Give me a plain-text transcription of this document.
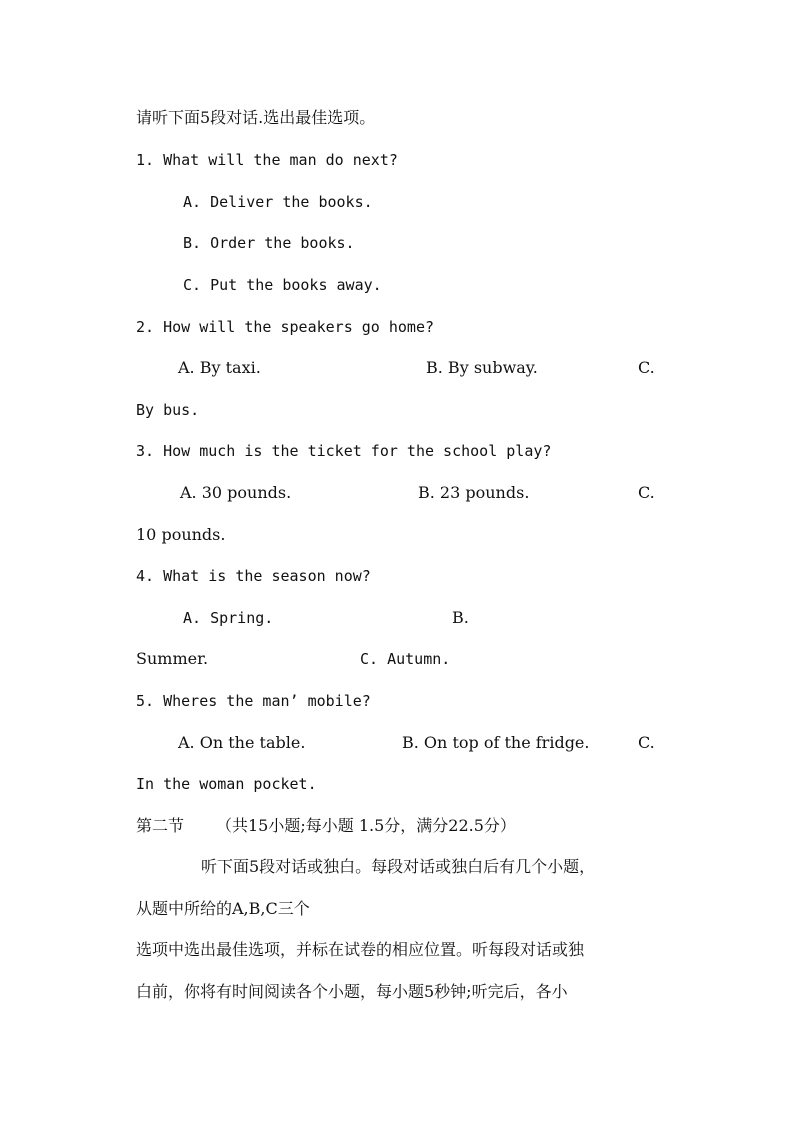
请听下面5段对话.选出最佳选项。
1. What will the man do next?
A. Deliver the books.
B. Order the books.
C. Put the books away.
2. How will the speakers go home?
A. By taxi.	B. By subway.	C.
By bus.
3. How much is the ticket for the school play?
A. 30 pounds.	B. 23 pounds.	C.
10 pounds.
4. What is the season now?
A. Spring.	B.
Summer.	C. Autumn.
5. Wheres the man’ mobile?
A. On the table.	B. On top of the fridge.	C.
In the woman pocket.
第二节 （共15小题;每小题 1.5分，满分22.5分）
听下面5段对话或独白。每段对话或独白后有几个小题，
从题中所给的A,B,C三个
选项中选出最佳选项，并标在试卷的相应位置。听每段对话或独
白前，你将有时间阅读各个小题，每小题5秒钟;听完后，各小
